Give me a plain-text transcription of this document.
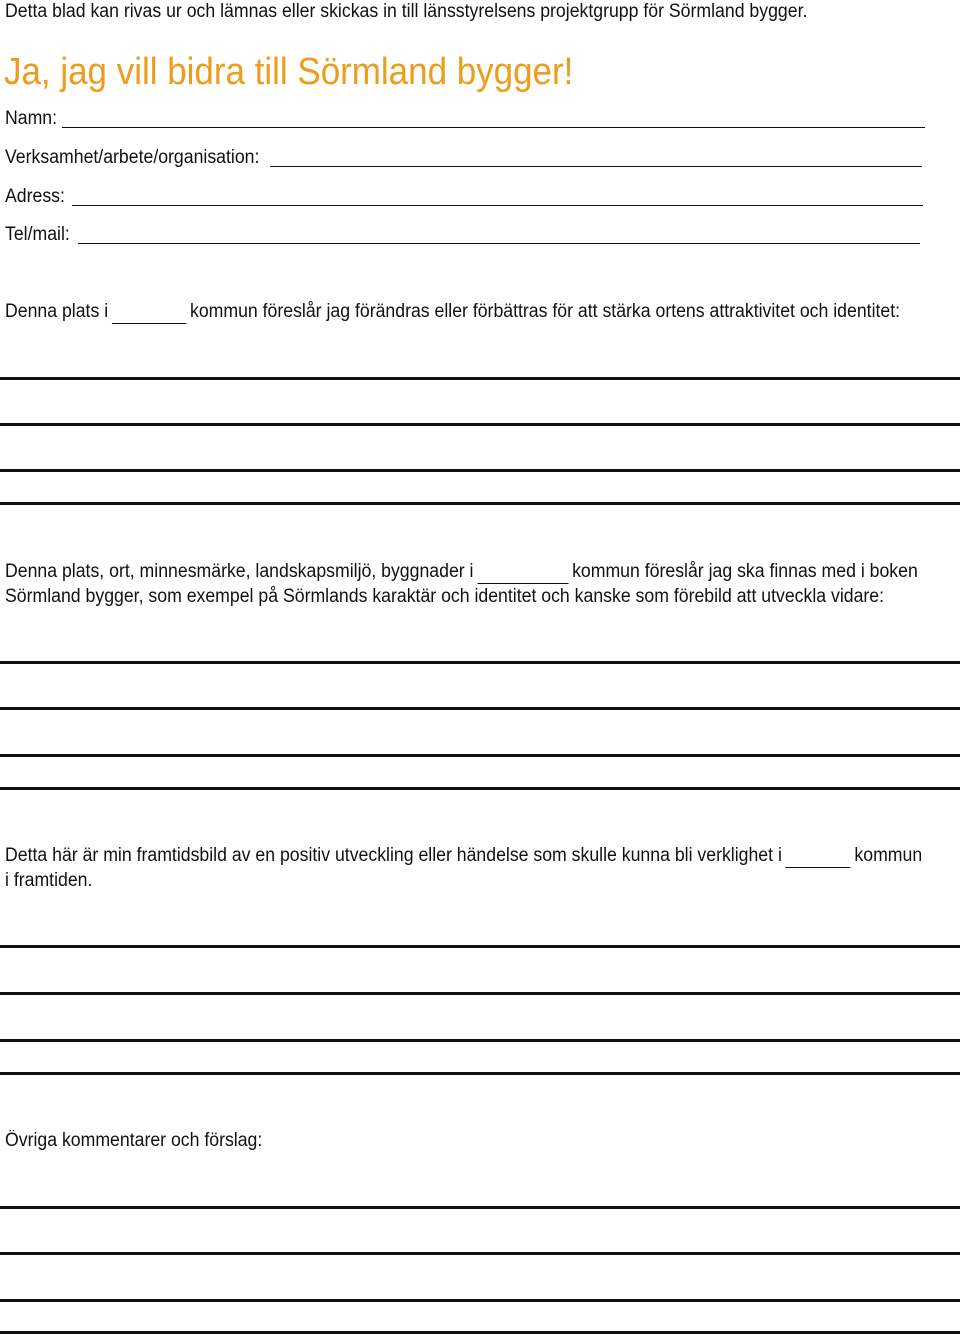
Detta blad kan rivas ur och lämnas eller skickas in till länsstyrelsens projektgrupp för Sörmland bygger.
Ja, jag vill bidra till Sörmland bygger!
Namn:
Verksamhet/arbete/organisation:
Adress:
Tel/mail:
Denna plats i	kommun föreslår jag förändras eller förbättras för att stärka ortens attraktivitet och identitet:
Denna plats, ort, minnesmärke, landskapsmiljö, byggnader i	kommun föreslår jag ska finnas med i boken
Sörmland bygger, som exempel på Sörmlands karaktär och identitet och kanske som förebild att utveckla vidare:
Detta här är min framtidsbild av en positiv utveckling eller händelse som skulle kunna bli verklighet i	kommun
i framtiden.
Övriga kommentarer och förslag:
